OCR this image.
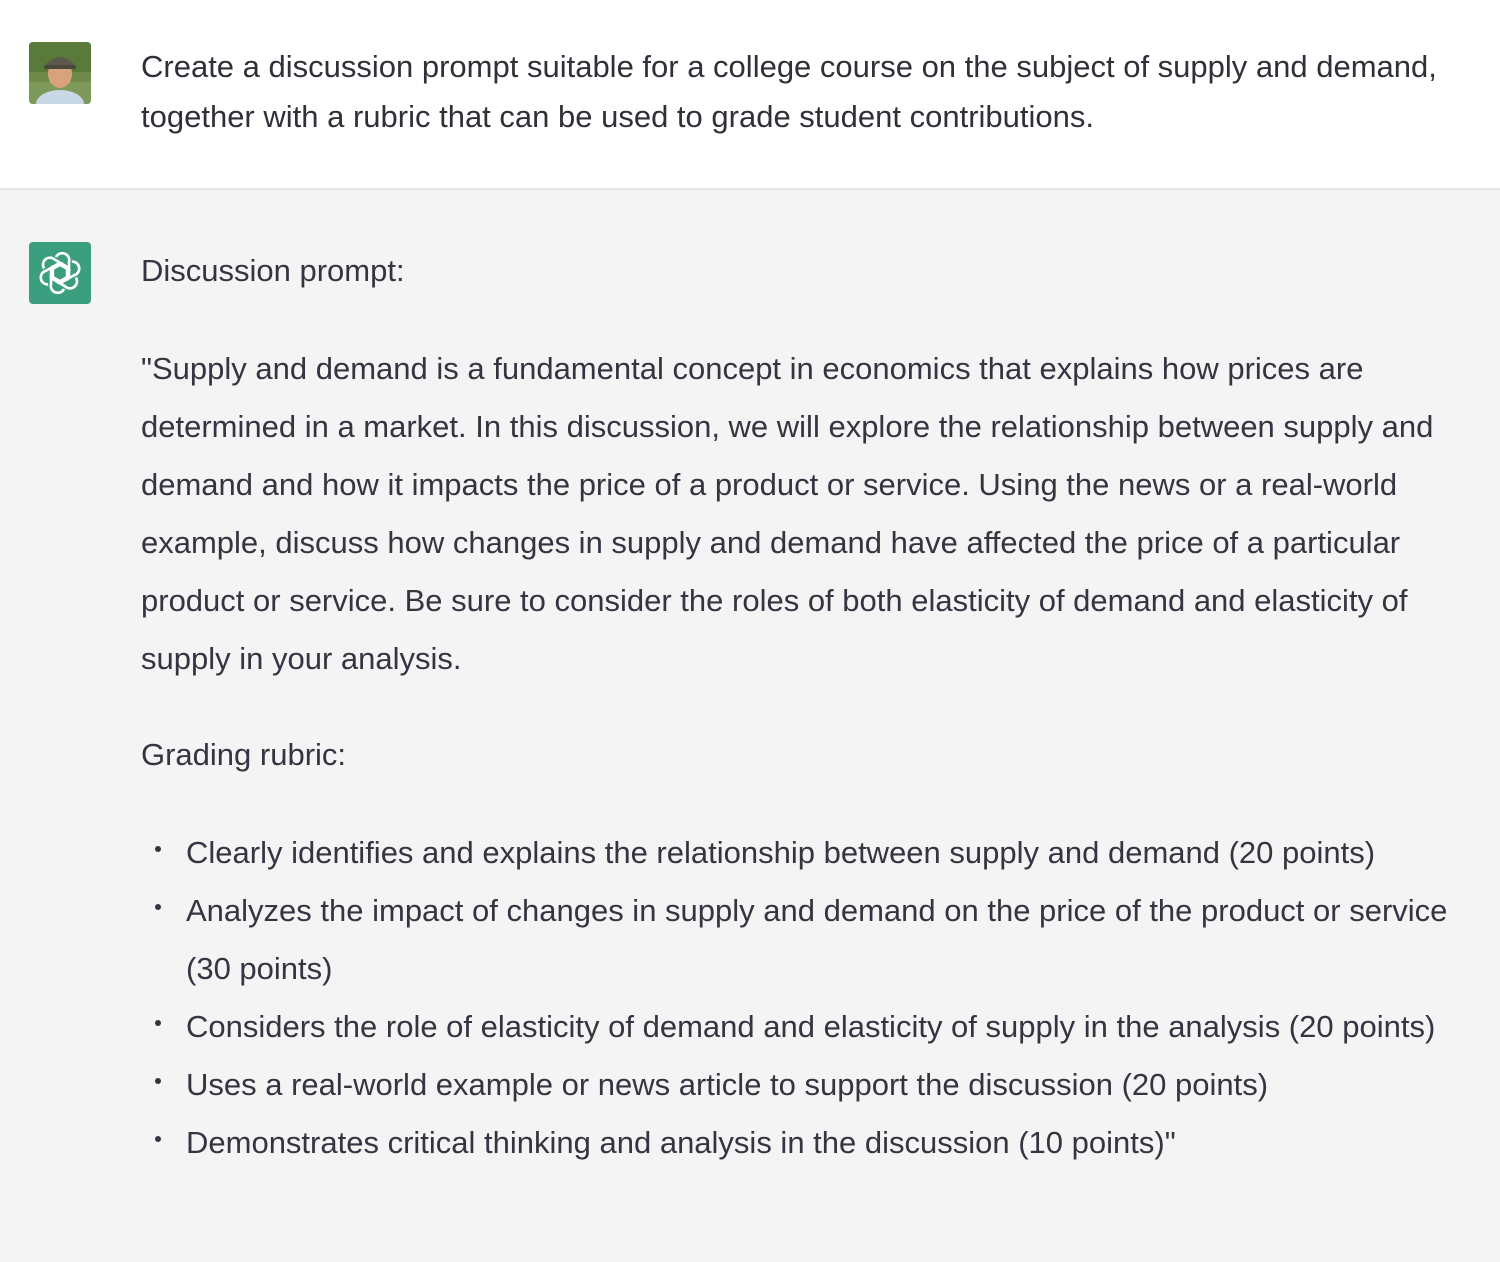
Create a discussion prompt suitable for a college course on the subject of supply and demand, together with a rubric that can be used to grade student contributions.

Discussion prompt:

"Supply and demand is a fundamental concept in economics that explains how prices are determined in a market. In this discussion, we will explore the relationship between supply and demand and how it impacts the price of a product or service. Using the news or a real-world example, discuss how changes in supply and demand have affected the price of a particular product or service. Be sure to consider the roles of both elasticity of demand and elasticity of supply in your analysis.

Grading rubric:

Clearly identifies and explains the relationship between supply and demand (20 points)
Analyzes the impact of changes in supply and demand on the price of the product or service (30 points)
Considers the role of elasticity of demand and elasticity of supply in the analysis (20 points)
Uses a real-world example or news article to support the discussion (20 points)
Demonstrates critical thinking and analysis in the discussion (10 points)"
